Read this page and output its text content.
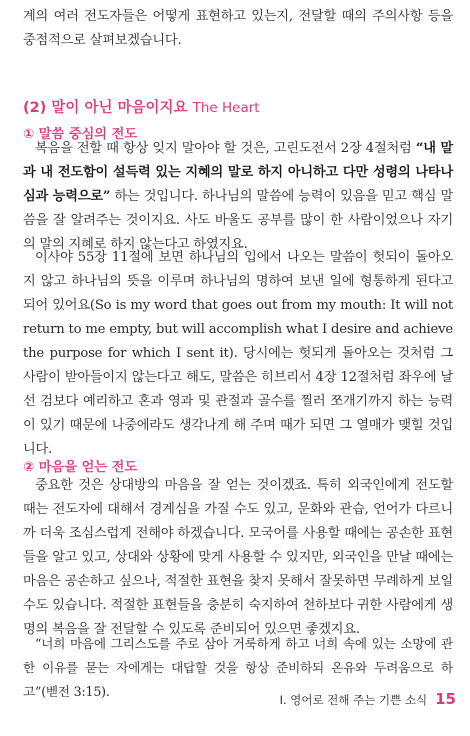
계의 여러 전도자들은 어떻게 표현하고 있는지, 전달할 때의 주의사항 등을 중점적으로 살펴보겠습니다.

(2) 말이 아닌 마음이지요 The Heart
① 말씀 중심의 전도

복음을 전할 때 항상 잊지 말아야 할 것은, 고린도전서 2장 4절처럼 “내 말과 내 전도함이 설득력 있는 지혜의 말로 하지 아니하고 다만 성령의 나타나심과 능력으로” 하는 것입니다. 하나님의 말씀에 능력이 있음을 믿고 핵심 말씀을 잘 알려주는 것이지요. 사도 바울도 공부를 많이 한 사람이었으나 자기의 말의 지혜로 하지 않는다고 하였지요.

이사야 55장 11절에 보면 하나님의 입에서 나오는 말씀이 헛되이 돌아오지 않고 하나님의 뜻을 이루며 하나님의 명하여 보낸 일에 형통하게 된다고 되어 있어요(So is my word that goes out from my mouth: It will not return to me empty, but will accomplish what I desire and achieve the purpose for which I sent it). 당시에는 헛되게 돌아오는 것처럼 그 사람이 받아들이지 않는다고 해도, 말씀은 히브리서 4장 12절처럼 좌우에 날선 검보다 예리하고 혼과 영과 및 관절과 골수를 찔러 쪼개기까지 하는 능력이 있기 때문에 나중에라도 생각나게 해 주며 때가 되면 그 열매가 맺힐 것입니다.

② 마음을 얻는 전도

중요한 것은 상대방의 마음을 잘 얻는 것이겠죠. 특히 외국인에게 전도할 때는 전도자에 대해서 경계심을 가질 수도 있고, 문화와 관습, 언어가 다르니까 더욱 조심스럽게 전해야 하겠습니다. 모국어를 사용할 때에는 공손한 표현들을 알고 있고, 상대와 상황에 맞게 사용할 수 있지만, 외국인을 만날 때에는 마음은 공손하고 싶으나, 적절한 표현을 찾지 못해서 잘못하면 무례하게 보일 수도 있습니다. 적절한 표현들을 충분히 숙지하여 천하보다 귀한 사람에게 생명의 복음을 잘 전달할 수 있도록 준비되어 있으면 좋겠지요.

“너희 마음에 그리스도를 주로 삼아 거룩하게 하고 너희 속에 있는 소망에 관한 이유를 묻는 자에게는 대답할 것을 항상 준비하되 온유와 두려움으로 하고”(벧전 3:15).

Ⅰ. 영어로 전해 주는 기쁜 소식 15
